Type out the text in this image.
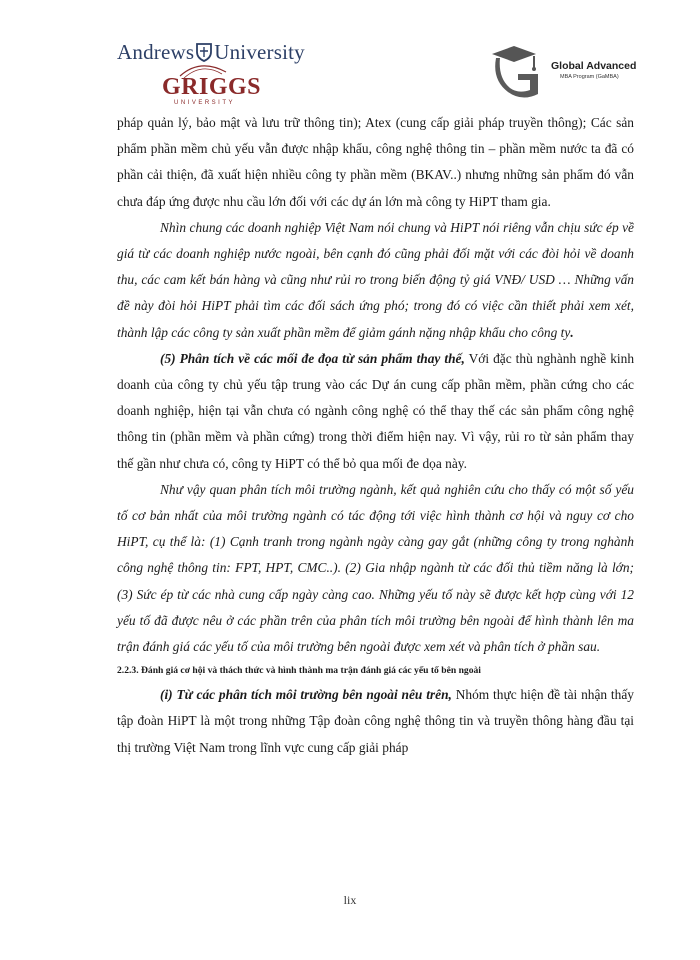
Andrews University
GRIGGS
UNIVERSITY
Global Advanced
MBA Program (GaMBA)

pháp quản lý, bảo mật và lưu trữ thông tin); Atex (cung cấp giải pháp truyền thông); Các sản phẩm phần mềm chủ yếu vẫn được nhập khẩu, công nghệ thông tin – phần mềm nước ta đã có phần cải thiện, đã xuất hiện nhiều công ty phần mềm (BKAV..) nhưng những sản phẩm đó vẫn chưa đáp ứng được nhu cầu lớn đối với các dự án lớn mà công ty HiPT tham gia.

Nhìn chung các doanh nghiệp Việt Nam nói chung và HiPT nói riêng vẫn chịu sức ép về giá từ các doanh nghiệp nước ngoài, bên cạnh đó cũng phải đối mặt với các đòi hỏi về doanh thu, các cam kết bán hàng và cũng như rủi ro trong biến động tỷ giá VNĐ/ USD … Những vấn đề này đòi hỏi HiPT phải tìm các đối sách ứng phó; trong đó có việc cần thiết phải xem xét, thành lập các công ty sản xuất phần mềm để giảm gánh nặng nhập khẩu cho công ty.

(5) Phân tích về các mối đe đọa từ sản phẩm thay thế, Với đặc thù nghành nghề kinh doanh của công ty chủ yếu tập trung vào các Dự án cung cấp phần mềm, phần cứng cho các doanh nghiệp, hiện tại vẫn chưa có ngành công nghệ có thể thay thế các sản phẩm công nghệ thông tin (phần mềm và phần cứng) trong thời điểm hiện nay. Vì vậy, rủi ro từ sản phẩm thay thế gần như chưa có, công ty HiPT có thể bỏ qua mối đe dọa này.

Như vậy quan phân tích môi trường ngành, kết quả nghiên cứu cho thấy có một số yếu tố cơ bản nhất của môi trường ngành có tác động tới việc hình thành cơ hội và nguy cơ cho HiPT, cụ thể là: (1) Cạnh tranh trong ngành ngày càng gay gắt (những công ty trong nghành công nghệ thông tin: FPT, HPT, CMC..). (2) Gia nhập ngành từ các đối thủ tiềm năng là lớn; (3) Sức ép từ các nhà cung cấp ngày càng cao. Những yếu tố này sẽ được kết hợp cùng với 12 yếu tố đã được nêu ở các phần trên của phân tích môi trường bên ngoài để hình thành lên ma trận đánh giá các yếu tố của môi trường bên ngoài được xem xét và phân tích ở phần sau.

2.2.3. Đánh giá cơ hội và thách thức và hình thành ma trận đánh giá các yếu tố bên ngoài

(i) Từ các phân tích môi trường bên ngoài nêu trên, Nhóm thực hiện đề tài nhận thấy tập đoàn HiPT là một trong những Tập đoàn công nghệ thông tin và truyền thông hàng đầu tại thị trường Việt Nam trong lĩnh vực cung cấp giải pháp

lix
